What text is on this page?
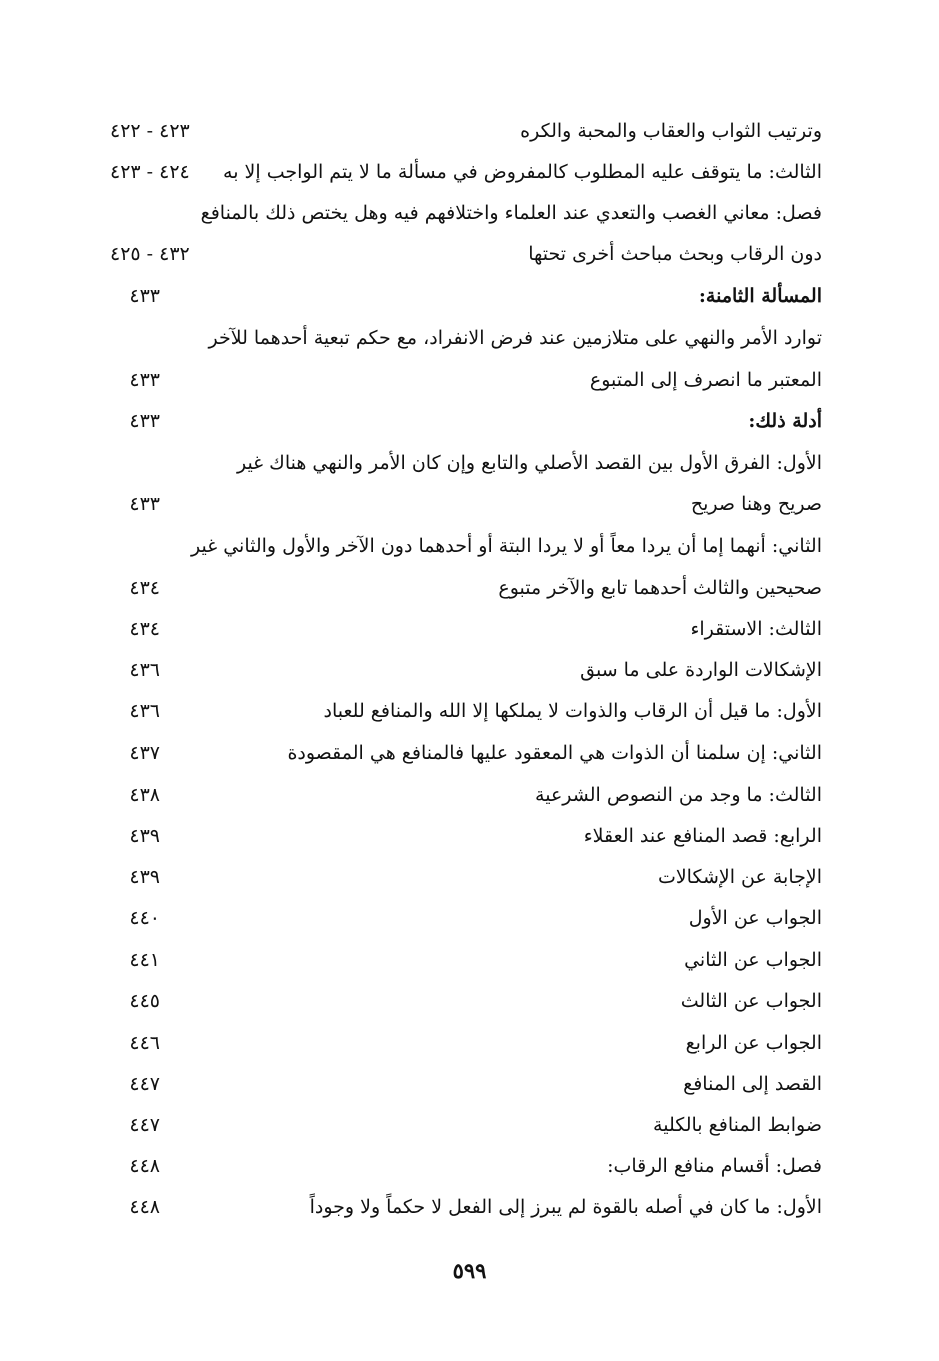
وترتيب الثواب والعقاب والمحبة والكره
٤٢٣ - ٤٢٢
الثالث: ما يتوقف عليه المطلوب كالمفروض في مسألة ما لا يتم الواجب إلا به
٤٢٤ - ٤٢٣
فصل: معاني الغصب والتعدي عند العلماء واختلافهم فيه وهل يختص ذلك بالمنافع
دون الرقاب وبحث مباحث أخرى تحتها
٤٣٢ - ٤٢٥
المسألة الثامنة:
٤٣٣
توارد الأمر والنهي على متلازمين عند فرض الانفراد، مع حكم تبعية أحدهما للآخر
المعتبر ما انصرف إلى المتبوع
٤٣٣
أدلة ذلك:
٤٣٣
الأول: الفرق الأول بين القصد الأصلي والتابع وإن كان الأمر والنهي هناك غير
صريح وهنا صريح
٤٣٣
الثاني: أنهما إما أن يردا معاً أو لا يردا البتة أو أحدهما دون الآخر والأول والثاني غير
صحيحين والثالث أحدهما تابع والآخر متبوع
٤٣٤
الثالث: الاستقراء
٤٣٤
الإشكالات الواردة على ما سبق
٤٣٦
الأول: ما قيل أن الرقاب والذوات لا يملكها إلا الله والمنافع للعباد
٤٣٦
الثاني: إن سلمنا أن الذوات هي المعقود عليها فالمنافع هي المقصودة
٤٣٧
الثالث: ما وجد من النصوص الشرعية
٤٣٨
الرابع: قصد المنافع عند العقلاء
٤٣٩
الإجابة عن الإشكالات
٤٣٩
الجواب عن الأول
٤٤٠
الجواب عن الثاني
٤٤١
الجواب عن الثالث
٤٤٥
الجواب عن الرابع
٤٤٦
القصد إلى المنافع
٤٤٧
ضوابط المنافع بالكلية
٤٤٧
فصل: أقسام منافع الرقاب:
٤٤٨
الأول: ما كان في أصله بالقوة لم يبرز إلى الفعل لا حكماً ولا وجوداً
٤٤٨
٥٩٩
